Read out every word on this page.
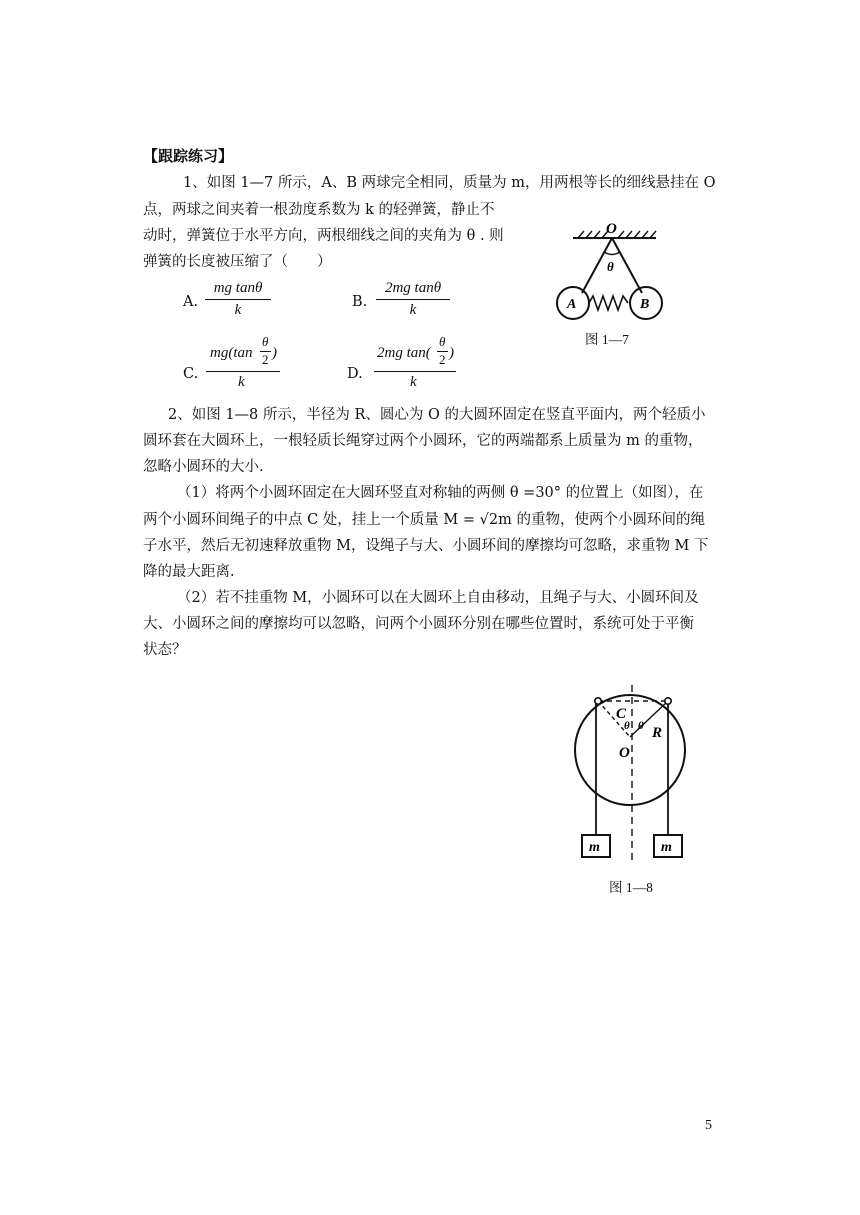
【跟踪练习】
1、如图 1—7 所示，A、B 两球完全相同，质量为 m，用两根等长的细线悬挂在 O
点，两球之间夹着一根劲度系数为 k 的轻弹簧，静止不
动时，弹簧位于水平方向，两根细线之间的夹角为 θ . 则
弹簧的长度被压缩了（　　）
A.
mg tanθ
k	B.
2mg tanθ
k
C.
mg(tan
θ
2 )
k	D.
2mg tan(
θ
2 )
k
O
θ
A	B
图 1—7
2、如图 1—8 所示，半径为 R、圆心为 O 的大圆环固定在竖直平面内，两个轻质小
圆环套在大圆环上，一根轻质长绳穿过两个小圆环，它的两端都系上质量为 m 的重物，
忽略小圆环的大小.
（1）将两个小圆环固定在大圆环竖直对称轴的两侧 θ =30° 的位置上（如图），在
两个小圆环间绳子的中点 C 处，挂上一个质量 M = √2m 的重物，使两个小圆环间的绳
子水平，然后无初速释放重物 M，设绳子与大、小圆环间的摩擦均可忽略，求重物 M 下
降的最大距离.
（2）若不挂重物 M，小圆环可以在大圆环上自由移动，且绳子与大、小圆环间及
大、小圆环之间的摩擦均可以忽略，问两个小圆环分别在哪些位置时，系统可处于平衡
状态？
C
θ θ R
O
m	m
图 1—8
5
